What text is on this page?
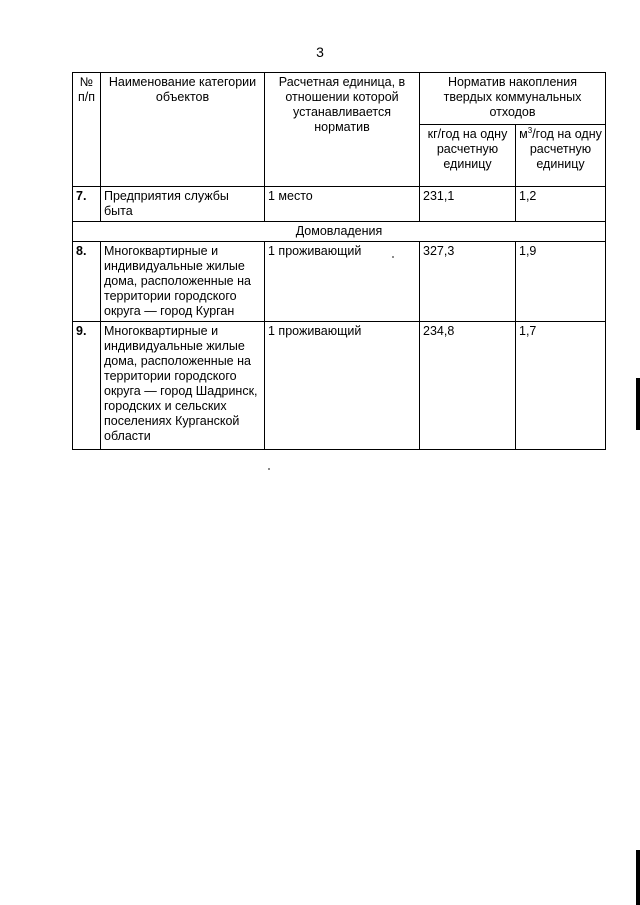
3
№ п/п	Наименование категории объектов	Расчетная единица, в отношении которой устанавливается норматив	Норматив накопления твердых коммунальных отходов	
			кг/год на одну расчетную единицу	$м^3$/год на одну расчетную единицу
7.	Предприятия службы быта	1 место	231,1	1,2
Домовладения				
8.	Многоквартирные и индивидуальные жилые дома, расположенные на территории городского округа — город Курган	1 проживающий	327,3	1,9
9.	Многоквартирные и индивидуальные жилые дома, расположенные на территории городского округа — город Шадринск, городских и сельских поселениях Курганской области	1 проживающий	234,8	1,7
